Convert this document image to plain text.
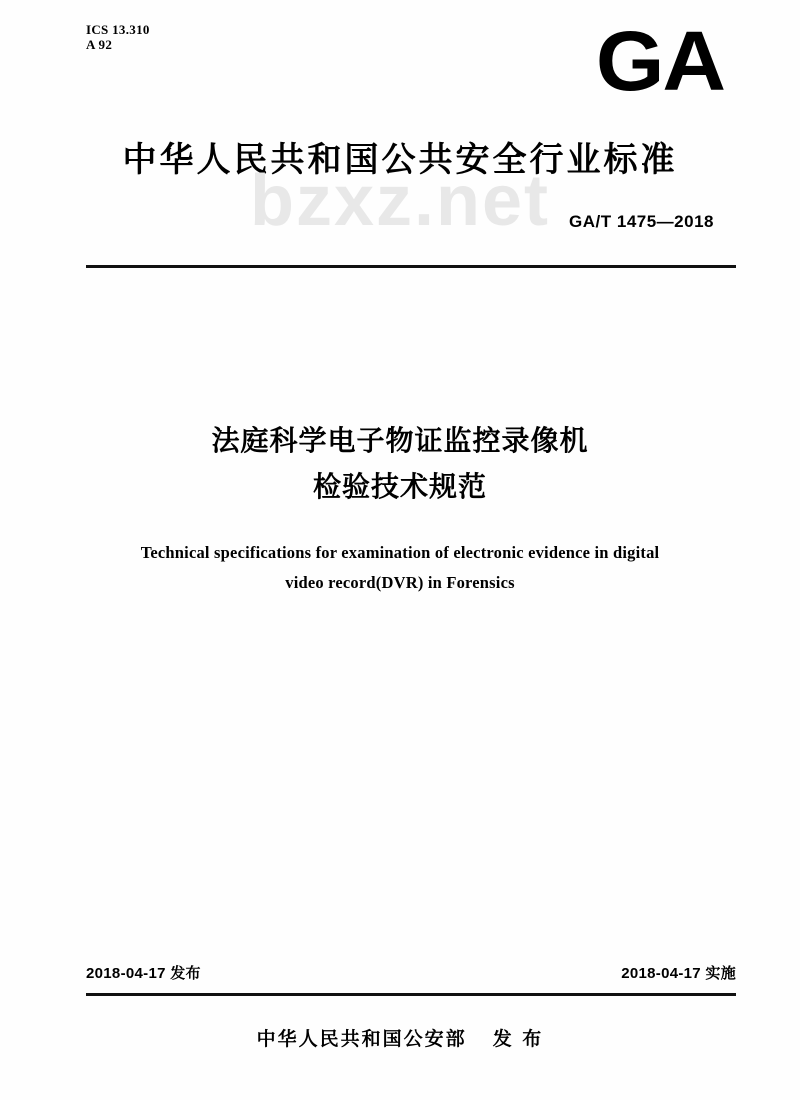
ICS 13.310
A 92	GA
中华人民共和国公共安全行业标准
bzxz.net	GA/T 1475—2018
法庭科学电子物证监控录像机
检验技术规范
Technical specifications for examination of electronic evidence in digital
video record(DVR) in Forensics
2018-04-17 发布	2018-04-17 实施
中华人民共和国公安部 发 布
